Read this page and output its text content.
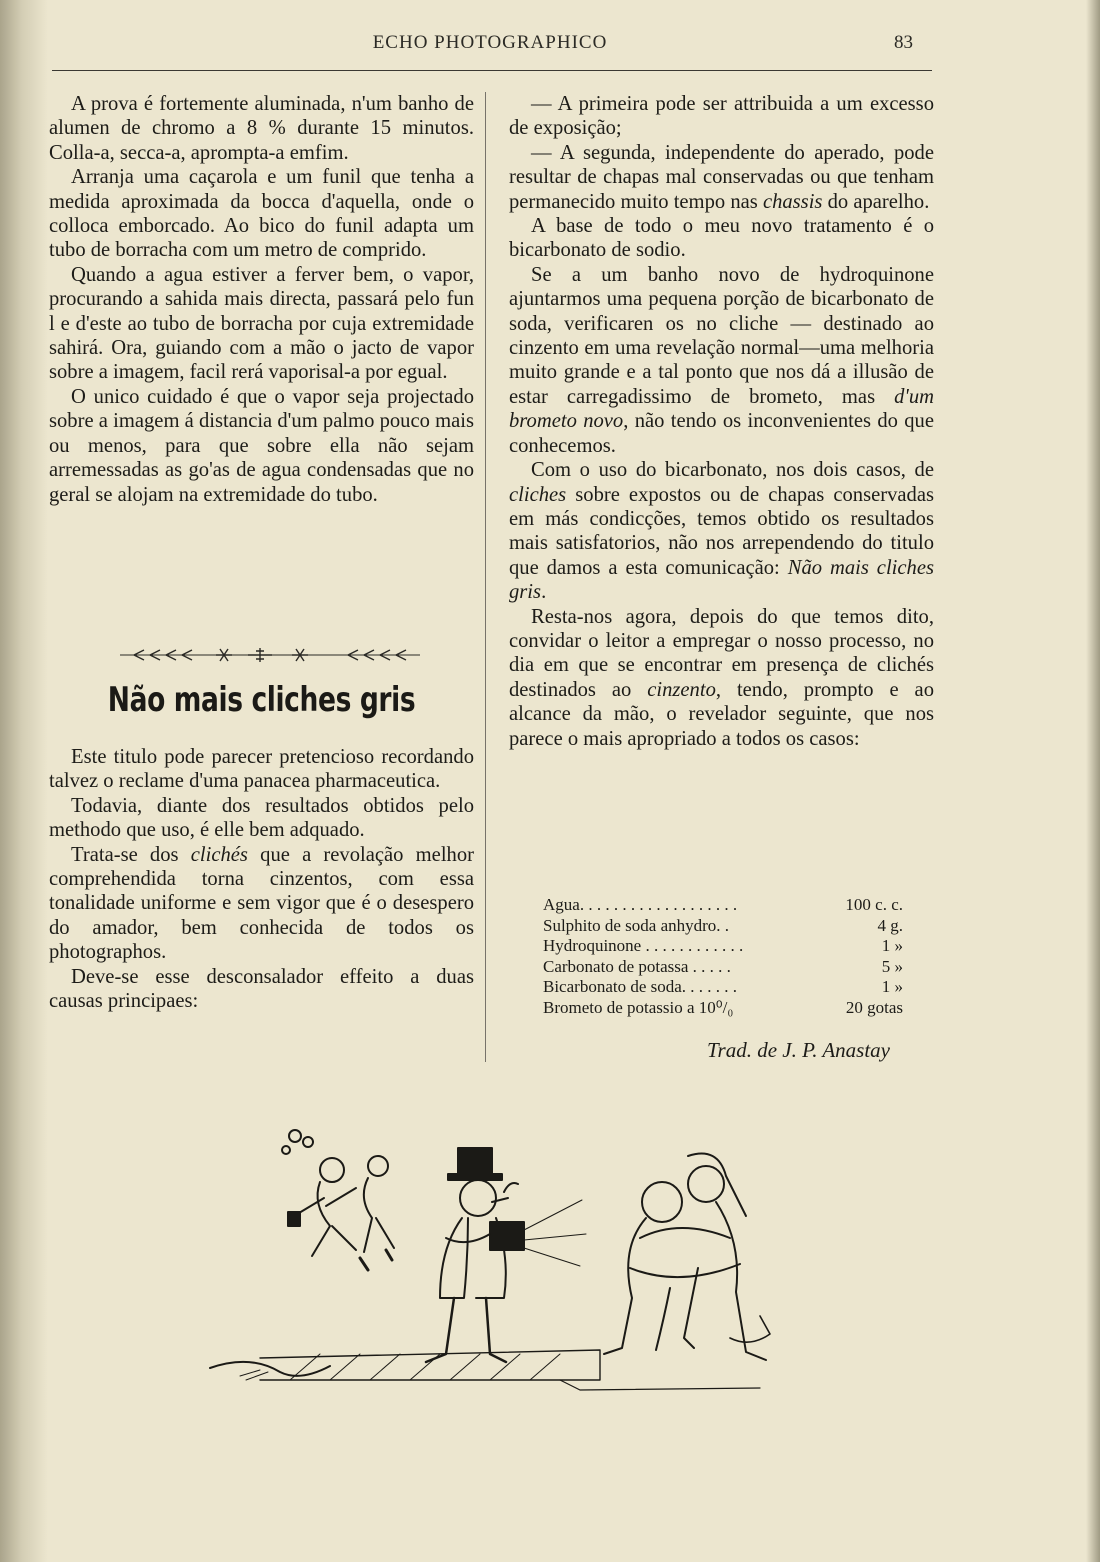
ECHO PHOTOGRAPHICO	83

A prova é fortemente aluminada, n'um banho de alumen de chromo a 8 % durante 15 minutos. Colla-a, secca-a, apromptа-a emfim.

Arranja uma caçarola e um funil que tenha a medida aproximada da bocca d'aquella, onde o colloca emborcado. Ao bico do funil adapta um tubo de borracha com um metro de comprido.

Quando a agua estiver a ferver bem, o vapor, procurando a sahida mais directa, passará pelo fun l e d'este ao tubo de borracha por cuja extremidade sahirá. Ora, guiando com a mão o jacto de vapor sobre a imagem, facil rerá vaporisal-a por egual.

O unico cuidado é que o vapor seja projectado sobre a imagem á distancia d'um palmo pouco mais ou menos, para que sobre ella não sejam arremessadas as go'as de agua condensadas que no geral se alojam na extremidade do tubo.

Não mais cliches gris

Este titulo pode parecer pretencioso recordando talvez o reclame d'uma panacea pharmaceutica.

Todavia, diante dos resultados obtidos pelo methodo que uso, é elle bem adquado.

Trata-se dos clichés que a revolação melhor comprehendida torna cinzentos, com essa tonalidade uniforme e sem vigor que é o desespero do amador, bem conhecida de todos os photographos.

Deve-se esse desconsalador effeito a duas causas principaes:

— A primeira pode ser attribuida a um excesso de exposição;

— A segunda, independente do aperado, pode resultar de chapas mal conservadas ou que tenham permanecido muito tempo nas chassis do aparelho.

A base de todo o meu novo tratamento é o bicarbonato de sodio.

Se a um banho novo de hydroquinone ajuntarmos uma pequena porção de bicarbonato de soda, verificaren os no cliche — destinado ao cinzento em uma revelação normal—uma melhoria muito grande e a tal ponto que nos dá a illusão de estar carregadissimo de brometo, mas d'um brometo novo, não tendo os inconvenientes do que conhecemos.

Com o uso do bicarbonato, nos dois casos, de cliches sobre expostos ou de chapas conservadas em más condicções, temos obtido os resultados mais satisfatorios, não nos arrependendo do titulo que damos a esta comunicação: Não mais cliches gris.

Resta-nos agora, depois do que temos dito, convidar o leitor a empregar o nosso processo, no dia em que se encontrar em presença de clichés destinados ao cinzento, tendo, prompto e ao alcance da mão, o revelador seguinte, que nos parece o mais apropriado a todos os casos:

Agua. . . . . . . . . . . . . . . . . . .	100 c. c.
Sulphito de soda anhydro. .	4 g.
Hydroquinone . . . . . . . . . . . .	1 »
Carbonato de potassa . . . . .	5 »
Bicarbonato de soda. . . . . . .	1 »
Brometo de potassio a 10⁰/₀	20 gotas
Trad. de J. P. Anastay
